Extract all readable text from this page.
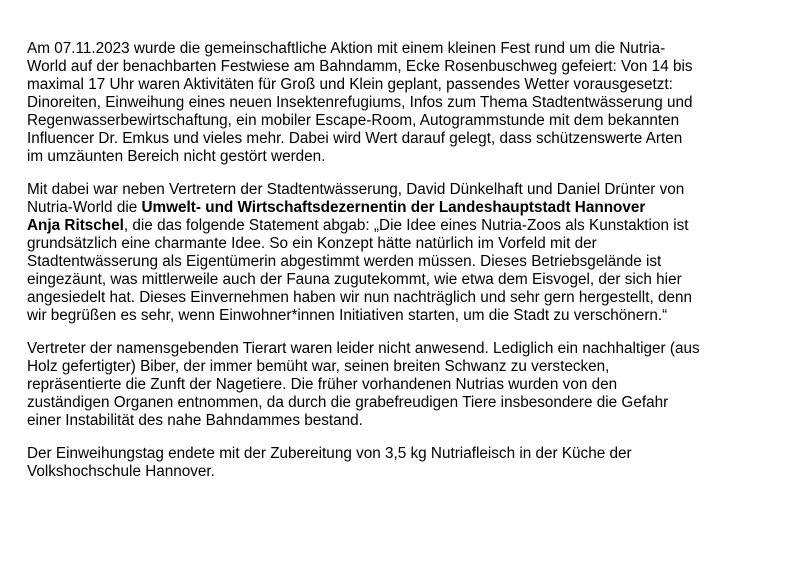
Am 07.11.2023 wurde die gemeinschaftliche Aktion mit einem kleinen Fest rund um die Nutria-
World auf der benachbarten Festwiese am Bahndamm, Ecke Rosenbuschweg gefeiert: Von 14 bis
maximal 17 Uhr waren Aktivitäten für Groß und Klein geplant, passendes Wetter vorausgesetzt:
Dinoreiten, Einweihung eines neuen Insektenrefugiums, Infos zum Thema Stadtentwässerung und
Regenwasserbewirtschaftung, ein mobiler Escape-Room, Autogrammstunde mit dem bekannten
Influencer Dr. Emkus und vieles mehr. Dabei wird Wert darauf gelegt, dass schützenswerte Arten
im umzäunten Bereich nicht gestört werden.

Mit dabei war neben Vertretern der Stadtentwässerung, David Dünkelhaft und Daniel Drünter von
Nutria-World die Umwelt- und Wirtschaftsdezernentin der Landeshauptstadt Hannover
Anja Ritschel, die das folgende Statement abgab: „Die Idee eines Nutria-Zoos als Kunstaktion ist
grundsätzlich eine charmante Idee. So ein Konzept hätte natürlich im Vorfeld mit der
Stadtentwässerung als Eigentümerin abgestimmt werden müssen. Dieses Betriebsgelände ist
eingezäunt, was mittlerweile auch der Fauna zugutekommt, wie etwa dem Eisvogel, der sich hier
angesiedelt hat. Dieses Einvernehmen haben wir nun nachträglich und sehr gern hergestellt, denn
wir begrüßen es sehr, wenn Einwohner*innen Initiativen starten, um die Stadt zu verschönern.“

Vertreter der namensgebenden Tierart waren leider nicht anwesend. Lediglich ein nachhaltiger (aus
Holz gefertigter) Biber, der immer bemüht war, seinen breiten Schwanz zu verstecken,
repräsentierte die Zunft der Nagetiere. Die früher vorhandenen Nutrias wurden von den
zuständigen Organen entnommen, da durch die grabefreudigen Tiere insbesondere die Gefahr
einer Instabilität des nahe Bahndammes bestand.

Der Einweihungstag endete mit der Zubereitung von 3,5 kg Nutriafleisch in der Küche der
Volkshochschule Hannover.
